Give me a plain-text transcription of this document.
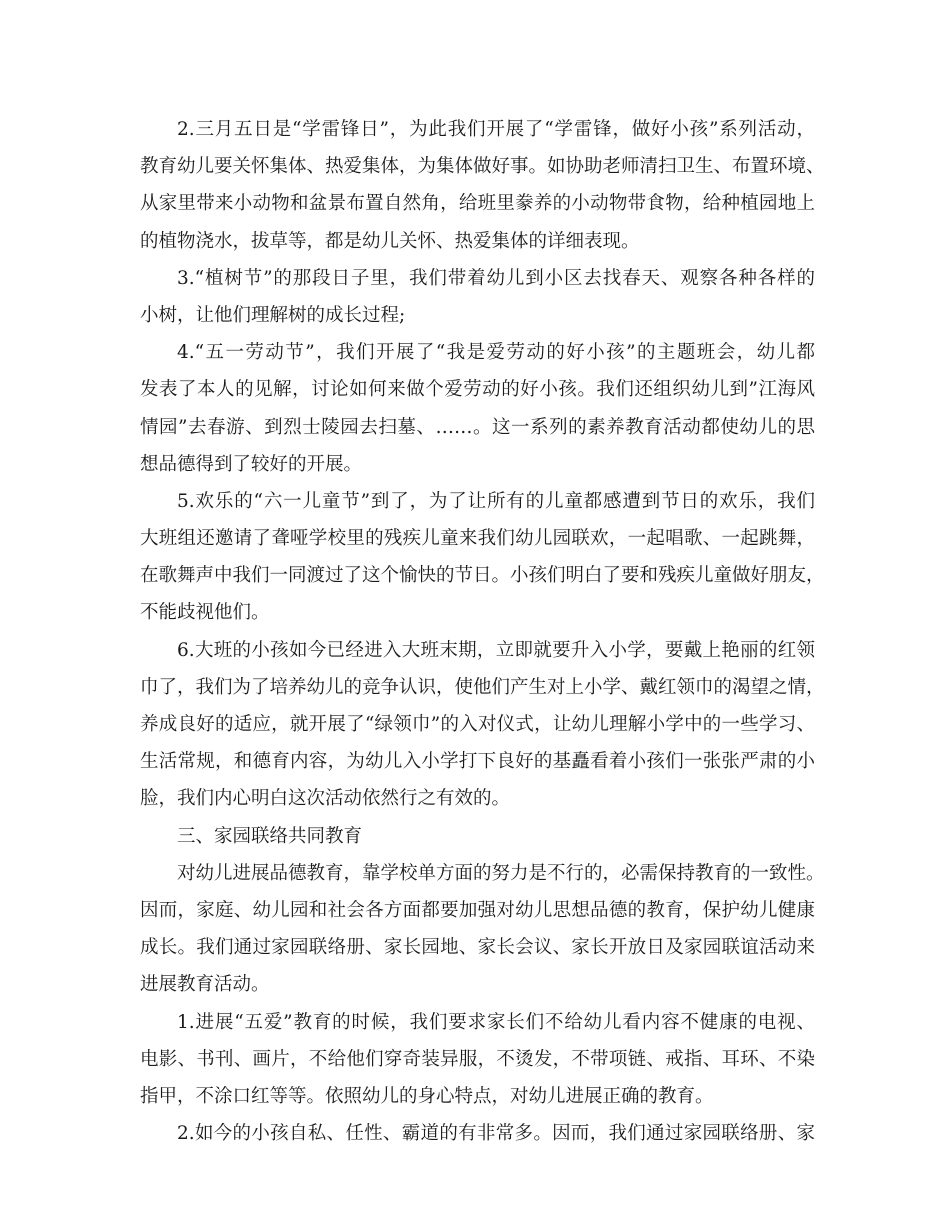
2.三月五日是“学雷锋日”，为此我们开展了“学雷锋，做好小孩”系列活动，
教育幼儿要关怀集体、热爱集体，为集体做好事。如协助老师清扫卫生、布置环境、
从家里带来小动物和盆景布置自然角，给班里豢养的小动物带食物，给种植园地上
的植物浇水，拔草等，都是幼儿关怀、热爱集体的详细表现。
3.“植树节”的那段日子里，我们带着幼儿到小区去找春天、观察各种各样的
小树，让他们理解树的成长过程;
4.“五一劳动节”，我们开展了“我是爱劳动的好小孩”的主题班会，幼儿都
发表了本人的见解，讨论如何来做个爱劳动的好小孩。我们还组织幼儿到”江海风
情园”去春游、到烈士陵园去扫墓、……。这一系列的素养教育活动都使幼儿的思
想品德得到了较好的开展。
5.欢乐的“六一儿童节”到了，为了让所有的儿童都感遭到节日的欢乐，我们
大班组还邀请了聋哑学校里的残疾儿童来我们幼儿园联欢，一起唱歌、一起跳舞，
在歌舞声中我们一同渡过了这个愉快的节日。小孩们明白了要和残疾儿童做好朋友，
不能歧视他们。
6.大班的小孩如今已经进入大班末期，立即就要升入小学，要戴上艳丽的红领
巾了，我们为了培养幼儿的竞争认识，使他们产生对上小学、戴红领巾的渴望之情，
养成良好的适应，就开展了“绿领巾”的入对仪式，让幼儿理解小学中的一些学习、
生活常规，和德育内容，为幼儿入小学打下良好的基矗看着小孩们一张张严肃的小
脸，我们内心明白这次活动依然行之有效的。
三、家园联络共同教育
对幼儿进展品德教育，靠学校单方面的努力是不行的，必需保持教育的一致性。
因而，家庭、幼儿园和社会各方面都要加强对幼儿思想品德的教育，保护幼儿健康
成长。我们通过家园联络册、家长园地、家长会议、家长开放日及家园联谊活动来
进展教育活动。
1.进展“五爱”教育的时候，我们要求家长们不给幼儿看内容不健康的电视、
电影、书刊、画片，不给他们穿奇装异服，不烫发，不带项链、戒指、耳环、不染
指甲，不涂口红等等。依照幼儿的身心特点，对幼儿进展正确的教育。
2.如今的小孩自私、任性、霸道的有非常多。因而，我们通过家园联络册、家
